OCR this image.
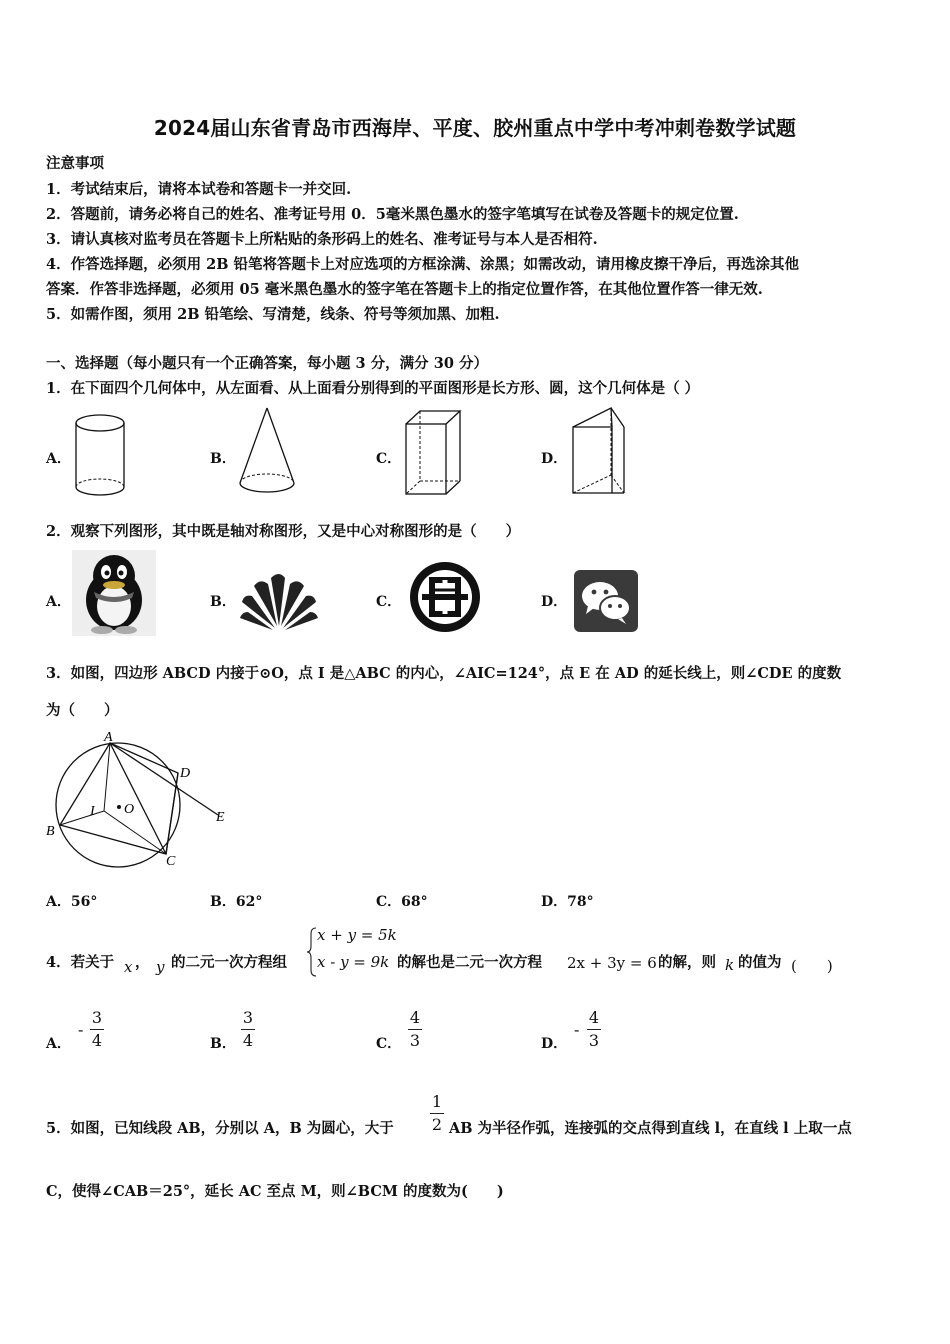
2024届山东省青岛市西海岸、平度、胶州重点中学中考冲刺卷数学试题
注意事项
1．考试结束后，请将本试卷和答题卡一并交回.
2．答题前，请务必将自己的姓名、准考证号用 0．5毫米黑色墨水的签字笔填写在试卷及答题卡的规定位置.
3．请认真核对监考员在答题卡上所粘贴的条形码上的姓名、准考证号与本人是否相符.
4．作答选择题，必须用 2B 铅笔将答题卡上对应选项的方框涂满、涂黑；如需改动，请用橡皮擦干净后，再选涂其他
答案．作答非选择题，必须用 05 毫米黑色墨水的签字笔在答题卡上的指定位置作答，在其他位置作答一律无效.
5．如需作图，须用 2B 铅笔绘、写清楚，线条、符号等须加黑、加粗.
一、选择题（每小题只有一个正确答案，每小题 3 分，满分 30 分）
1．在下面四个几何体中，从左面看、从上面看分别得到的平面图形是长方形、圆，这个几何体是（ ）
A．	B．	C．	D．
2．观察下列图形，其中既是轴对称图形，又是中心对称图形的是（　　）
A．	B．	C．	D．
3．如图，四边形 ABCD 内接于⊙O，点 I 是△ABC 的内心，∠AIC=124°，点 E 在 AD 的延长线上，则∠CDE 的度数
为（　　）
A
B
C
D
E
I O
A．56°	B．62°	C．68°	D．78°
4．若关于 x ， y 的二元一次方程组
x + y = 5k
x - y = 9k 的解也是二元一次方程 2x + 3y = 6 的解，则 k 的值为 (　　)
A．
-
3
4	B．
3
4	C．
4
3	D．
-
4
3
5．如图，已知线段 AB，分别以 A，B 为圆心，大于
1
2 AB 为半径作弧，连接弧的交点得到直线 l，在直线 l 上取一点
C，使得∠CAB＝25°，延长 AC 至点 M，则∠BCM 的度数为(　　)
